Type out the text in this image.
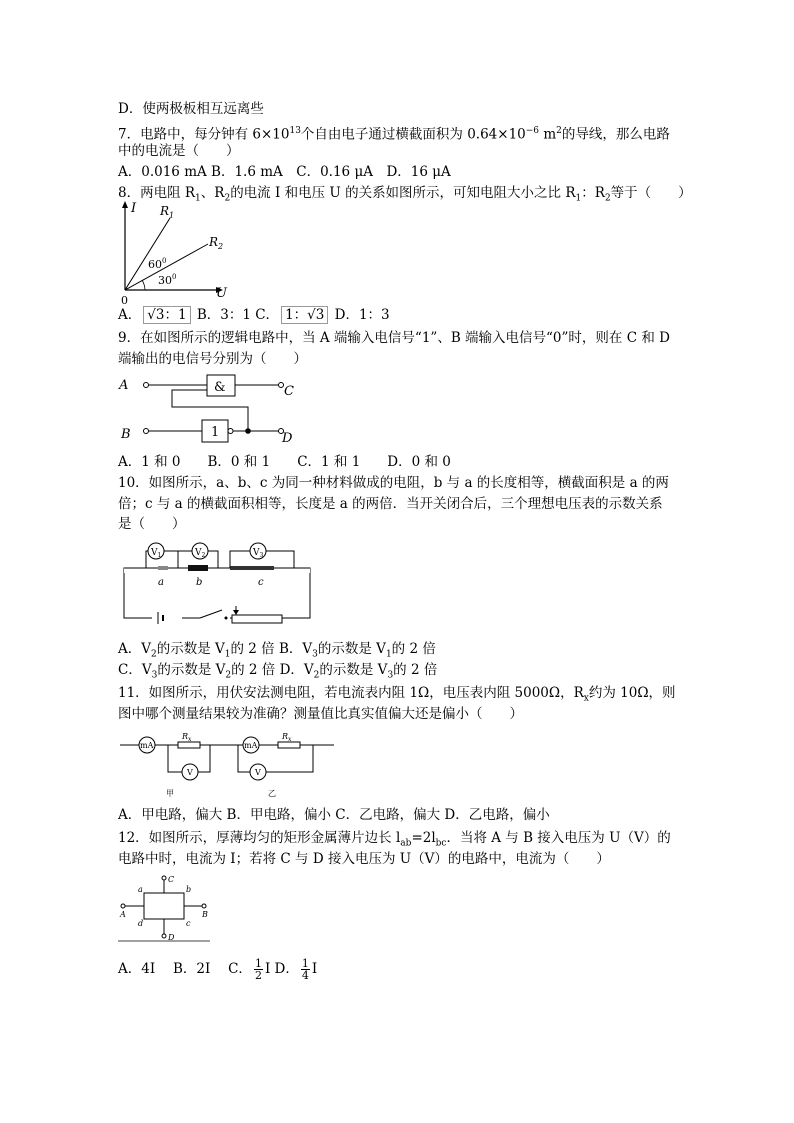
D．使两极板相互远离些
7．电路中，每分钟有 $6\times 10^{13}$个自由电子通过横截面积为 $0.64\times 10^{-6}$ $m^2$的导线，那么电路
中的电流是（　　）
A．0.016 mA B．1.6 mA　C．0.16 μA　D．16 μA
8．两电阻 $R_1$、$R_2$的电流 I 和电压 U 的关系如图所示，可知电阻大小之比 $R_1$：$R_2$等于（　　）
I
U
0
$R_1$
$R_2$
$60^0$
$30^0$
A． √3：1 B．3：1 C． 1：√3 D．1：3
9．在如图所示的逻辑电路中，当 A 端输入电信号“1”、B 端输入电信号“0”时，则在 C 和 D
端输出的电信号分别为（　　）
A	&	C
B	1	D
A．1 和 0　　B．0 和 1　　C．1 和 1　　D．0 和 0
10．如图所示，a、b、c 为同一种材料做成的电阻，b 与 a 的长度相等，横截面积是 a 的两
倍；c 与 a 的横截面积相等，长度是 a 的两倍．当开关闭合后，三个理想电压表的示数关系
是（　　）
$V_1$	$V_2$	$V_3$
a	b	c
A．$V_2$的示数是 $V_1$的 2 倍 B．$V_3$的示数是 $V_1$的 2 倍
C．$V_3$的示数是 $V_2$的 2 倍 D．$V_2$的示数是 $V_3$的 2 倍
11．如图所示，用伏安法测电阻，若电流表内阻 1Ω，电压表内阻 5000Ω，$R_x$约为 10Ω，则
图中哪个测量结果较为准确？测量值比真实值偏大还是偏小（　　）
mA
$R_x$
V
甲
mA
$R_x$
V
乙
A．甲电路，偏大 B．甲电路，偏小 C．乙电路，偏大 D．乙电路，偏小
12．如图所示，厚薄均匀的矩形金属薄片边长 $l_{ab}=2l_{bc}$．当将 A 与 B 接入电压为 U（V）的
电路中时，电流为 I；若将 C 与 D 接入电压为 U（V）的电路中，电流为（　　）
C
D
A	B
a	b
c
d
A．4I　 B．2I　 C． $\frac{1}{2}$ I D． $\frac{1}{4}$ I
